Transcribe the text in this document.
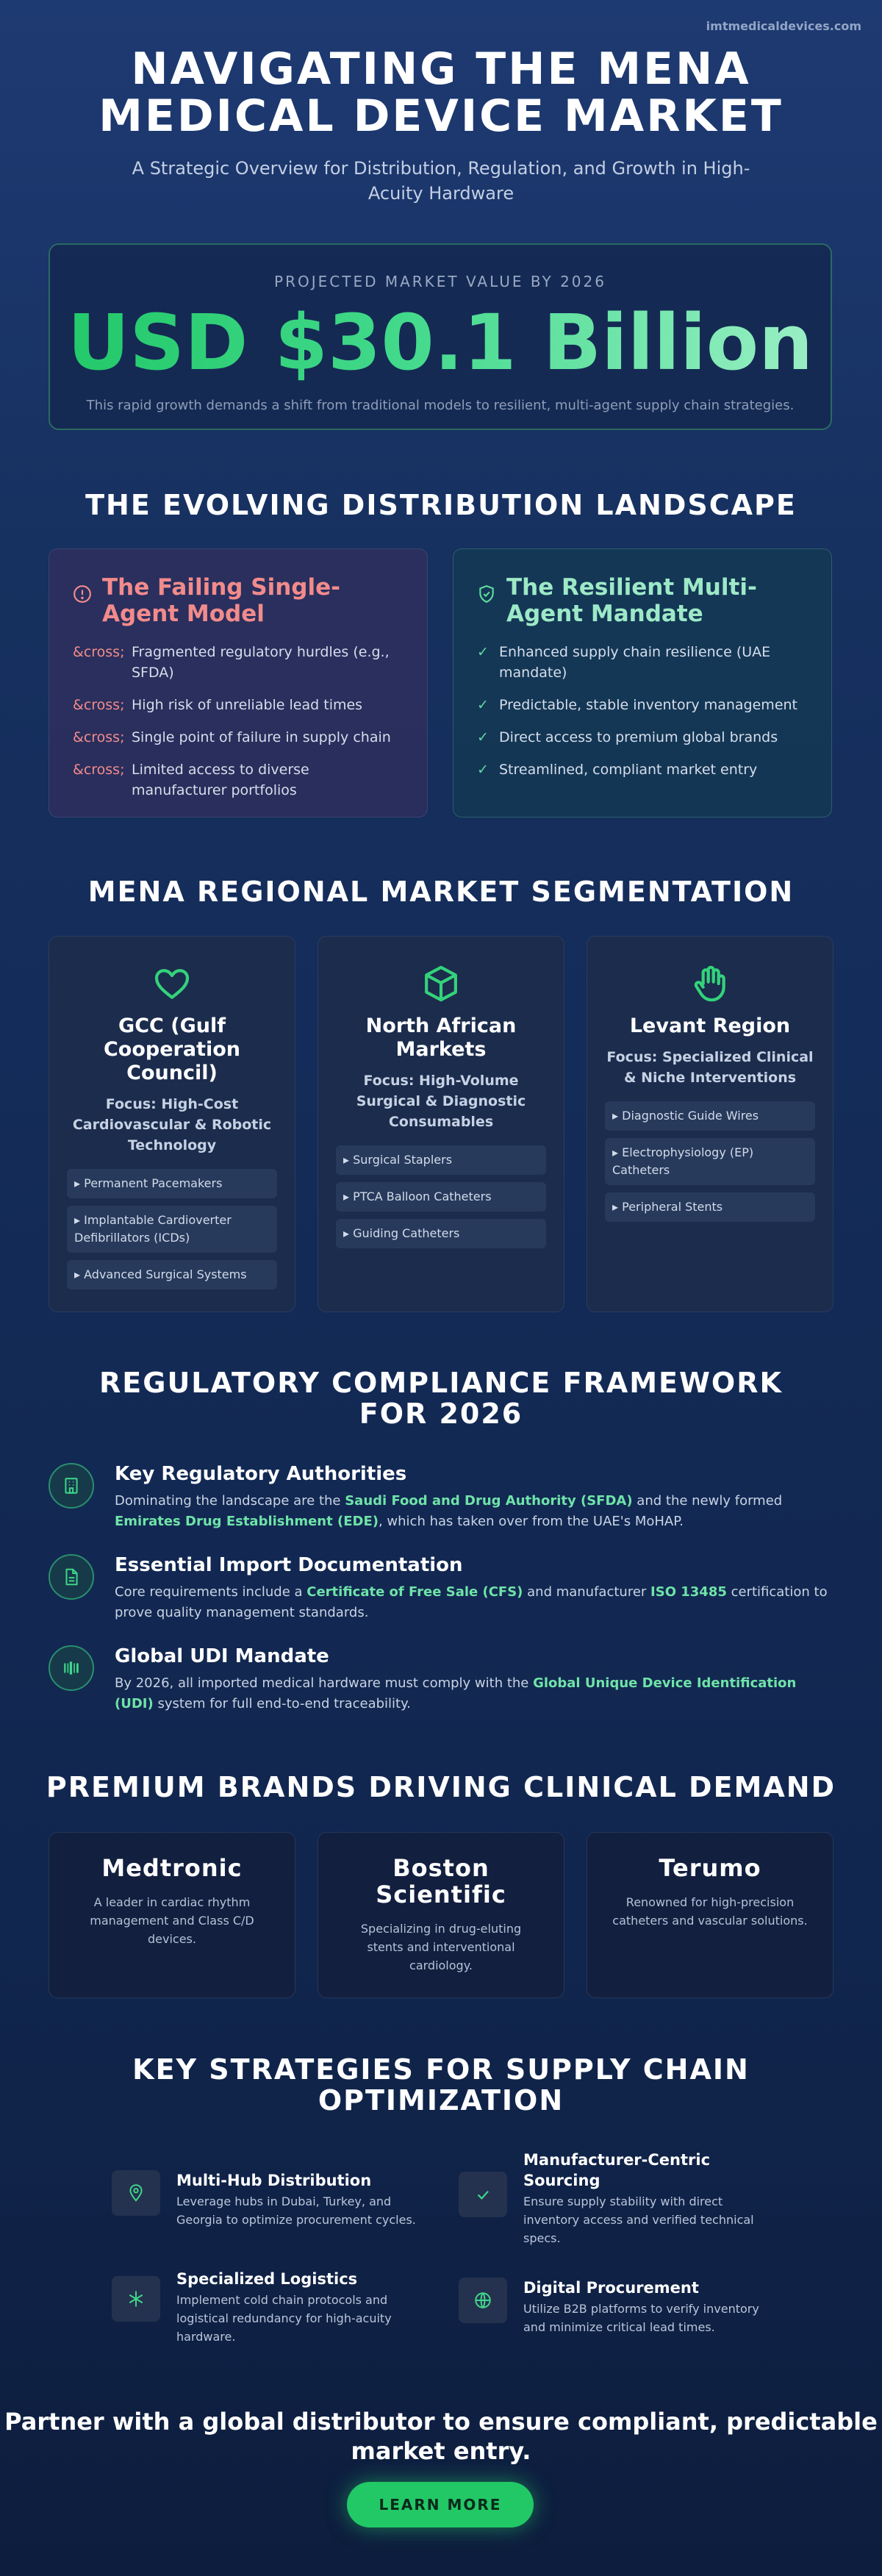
imtmedicaldevices.com
NAVIGATING THE MENA MEDICAL DEVICE MARKET

A Strategic Overview for Distribution, Regulation, and Growth in High-Acuity Hardware

PROJECTED MARKET VALUE BY 2026
USD $30.1 Billion
This rapid growth demands a shift from traditional models to resilient, multi-agent supply chain strategies.
THE EVOLVING DISTRIBUTION LANDSCAPE
The Failing Single-Agent Model
&cross; Fragmented regulatory hurdles (e.g., SFDA)
&cross; High risk of unreliable lead times
&cross; Single point of failure in supply chain
&cross; Limited access to diverse manufacturer portfolios
The Resilient Multi-Agent Mandate
✓ Enhanced supply chain resilience (UAE mandate)
✓ Predictable, stable inventory management
✓ Direct access to premium global brands
✓ Streamlined, compliant market entry
MENA REGIONAL MARKET SEGMENTATION
GCC (Gulf Cooperation Council)
Focus: High-Cost Cardiovascular & Robotic Technology
▸ Permanent Pacemakers
▸ Implantable Cardioverter Defibrillators (ICDs)
▸ Advanced Surgical Systems
North African Markets
Focus: High-Volume Surgical & Diagnostic Consumables
▸ Surgical Staplers
▸ PTCA Balloon Catheters
▸ Guiding Catheters
Levant Region
Focus: Specialized Clinical & Niche Interventions
▸ Diagnostic Guide Wires
▸ Electrophysiology (EP) Catheters
▸ Peripheral Stents
REGULATORY COMPLIANCE FRAMEWORK FOR 2026
Key Regulatory Authorities

Dominating the landscape are the Saudi Food and Drug Authority (SFDA) and the newly formed Emirates Drug Establishment (EDE), which has taken over from the UAE's MoHAP.

Essential Import Documentation

Core requirements include a Certificate of Free Sale (CFS) and manufacturer ISO 13485 certification to prove quality management standards.

Global UDI Mandate

By 2026, all imported medical hardware must comply with the Global Unique Device Identification (UDI) system for full end-to-end traceability.

PREMIUM BRANDS DRIVING CLINICAL DEMAND
Medtronic

A leader in cardiac rhythm management and Class C/D devices.

Boston Scientific

Specializing in drug-eluting stents and interventional cardiology.

Terumo

Renowned for high-precision catheters and vascular solutions.

KEY STRATEGIES FOR SUPPLY CHAIN OPTIMIZATION
Multi-Hub Distribution

Leverage hubs in Dubai, Turkey, and Georgia to optimize procurement cycles.

Manufacturer-Centric Sourcing

Ensure supply stability with direct inventory access and verified technical specs.

Specialized Logistics

Implement cold chain protocols and logistical redundancy for high-acuity hardware.

Digital Procurement

Utilize B2B platforms to verify inventory and minimize critical lead times.

Partner with a global distributor to ensure compliant, predictable market entry.
LEARN MORE
